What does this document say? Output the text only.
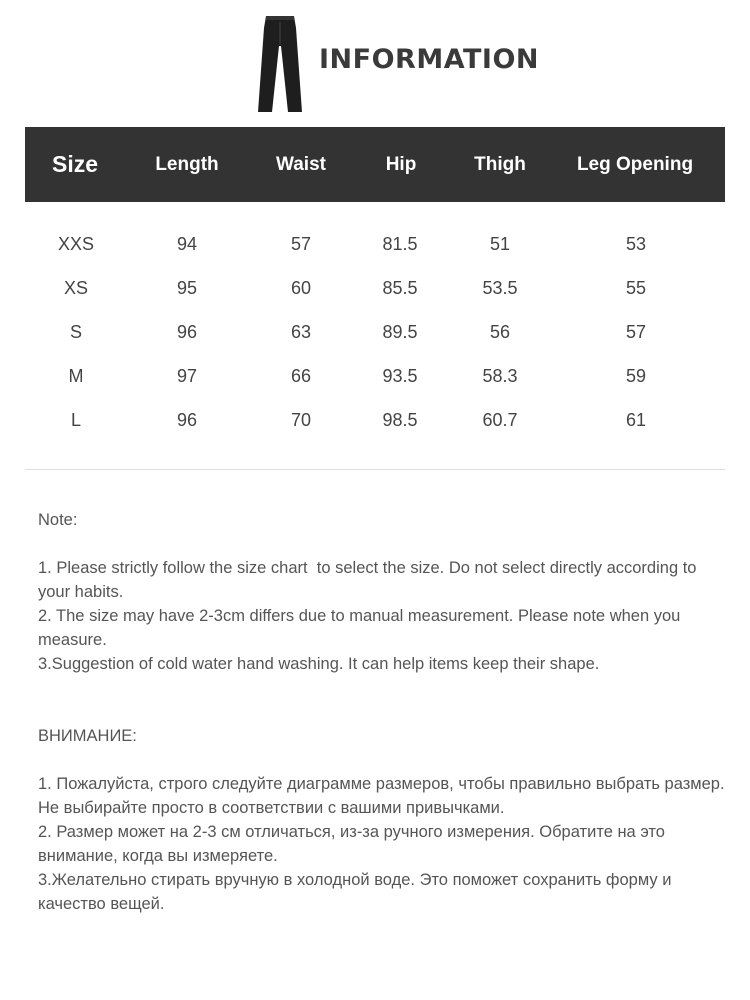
INFORMATION
Size	Length	Waist	Hip	Thigh	Leg Opening
XXS	94	57	81.5	51	53
XS	95	60	85.5	53.5	55
S	96	63	89.5	56	57
M	97	66	93.5	58.3	59
L	96	70	98.5	60.7	61
Note:
1. Please strictly follow the size chart  to select the size. Do not select directly according to your habits.
2. The size may have 2-3cm differs due to manual measurement. Please note when you measure.
3.Suggestion of cold water hand washing. It can help items keep their shape.
ВНИМАНИЕ:
1. Пожалуйста, строго следуйте диаграмме размеров, чтобы правильно выбрать размер. Не выбирайте просто в соответствии с вашими привычками.
2. Размер может на 2-3 см отличаться, из-за ручного измерения. Обратите на это внимание, когда вы измеряете.
3.Желательно стирать вручную в холодной воде. Это поможет сохранить форму и качество вещей.
